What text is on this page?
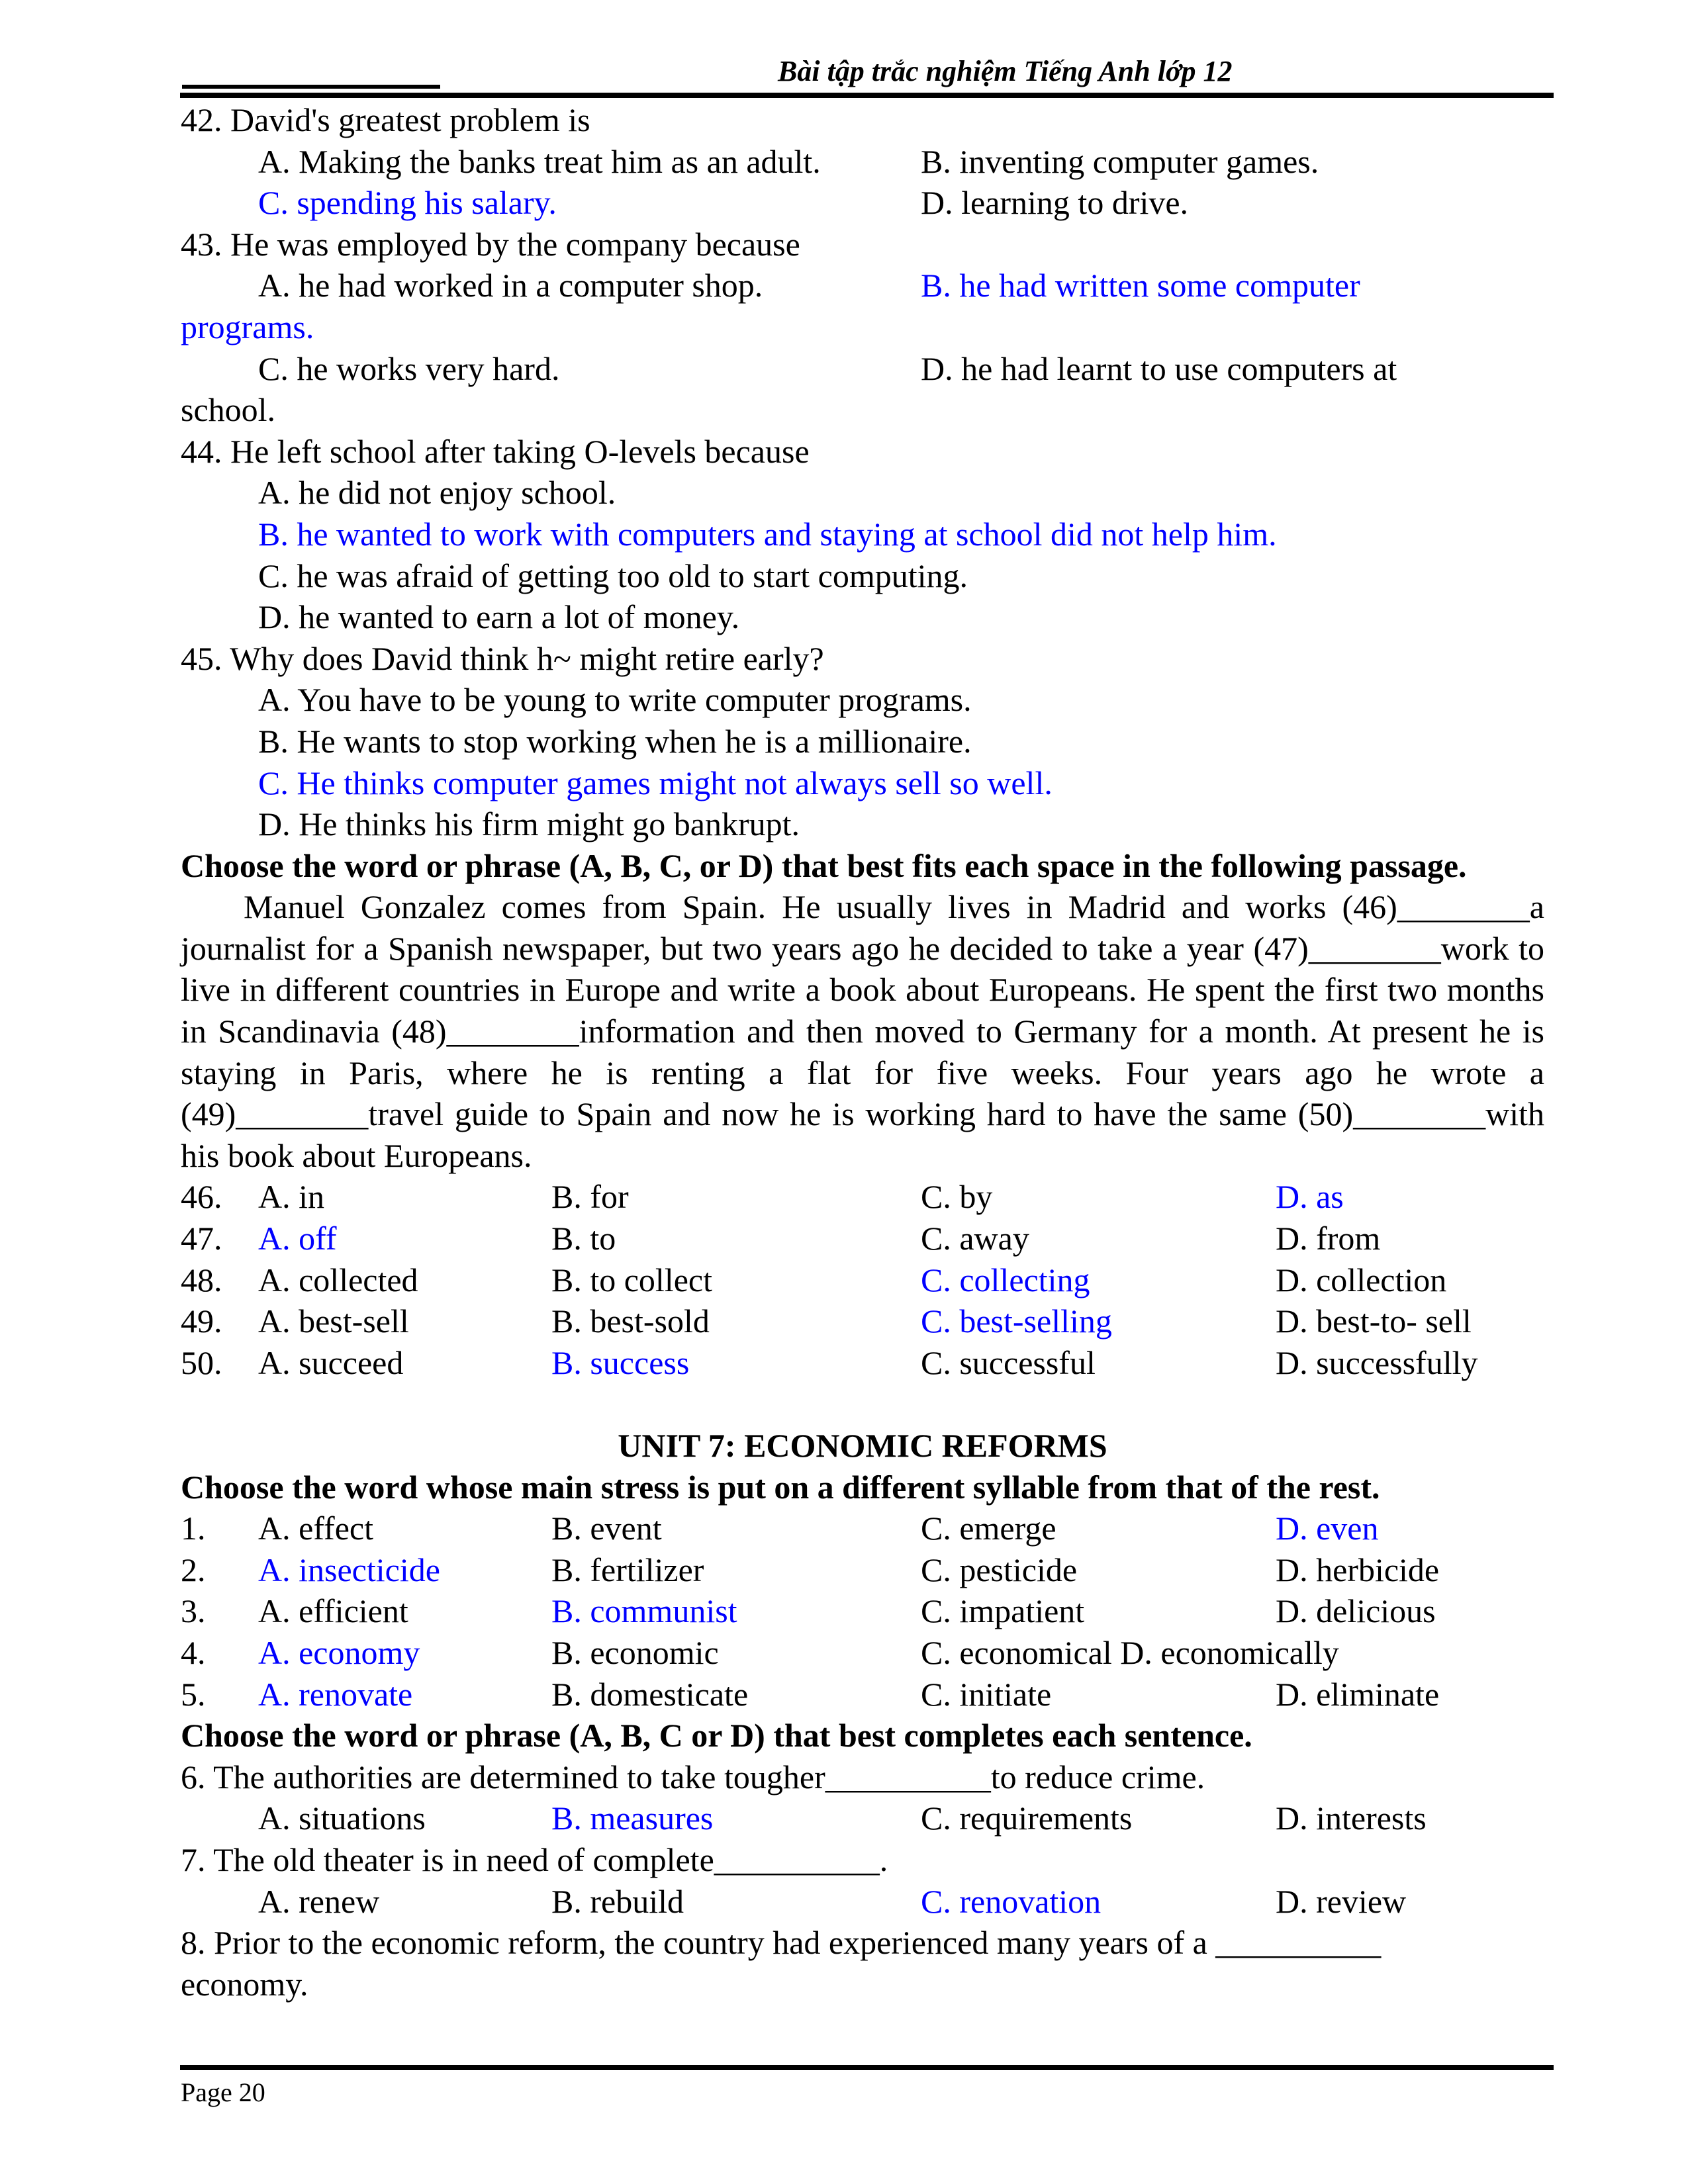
Bài tập trắc nghiệm Tiếng Anh lớp 12
42. David's greatest problem is
A. Making the banks treat him as an adult.	B. inventing computer games.
C. spending his salary.	D. learning to drive.
43. He was employed by the company because
A. he had worked in a computer shop.	B. he had written some computer
programs.
C. he works very hard.	D. he had learnt to use computers at
school.
44. He left school after taking O-levels because
A. he did not enjoy school.
B. he wanted to work with computers and staying at school did not help him.
C. he was afraid of getting too old to start computing.
D. he wanted to earn a lot of money.
45. Why does David think h~ might retire early?
A. You have to be young to write computer programs.
B. He wants to stop working when he is a millionaire.
C. He thinks computer games might not always sell so well.
D. He thinks his firm might go bankrupt.
Choose the word or phrase (A, B, C, or D) that best fits each space in the following passage.
Manuel Gonzalez comes from Spain. He usually lives in Madrid and works (46)________a journalist for a Spanish newspaper, but two years ago he decided to take a year (47)________work to live in different countries in Europe and write a book about Europeans. He spent the first two months in Scandinavia (48)________information and then moved to Germany for a month. At present he is staying in Paris, where he is renting a flat for five weeks. Four years ago he wrote a (49)________travel guide to Spain and now he is working hard to have the same (50)________with his book about Europeans.
46. A. in	B. for	C. by	D. as
47. A. off	B. to	C. away	D. from
48. A. collected	B. to collect	C. collecting	D. collection
49. A. best-sell	B. best-sold	C. best-selling	D. best-to- sell
50. A. succeed	B. success	C. successful	D. successfully
UNIT 7: ECONOMIC REFORMS
Choose the word whose main stress is put on a different syllable from that of the rest.
1. A. effect	B. event	C. emerge	D. even
2. A. insecticide	B. fertilizer	C. pesticide	D. herbicide
3. A. efficient	B. communist	C. impatient	D. delicious
4. A. economy	B. economic	C. economical D. economically
5. A. renovate	B. domesticate	C. initiate	D. eliminate
Choose the word or phrase (A, B, C or D) that best completes each sentence.
6. The authorities are determined to take tougher__________to reduce crime.
A. situations	B. measures	C. requirements	D. interests
7. The old theater is in need of complete__________.
A. renew	B. rebuild	C. renovation	D. review
8. Prior to the economic reform, the country had experienced many years of a __________
economy.
Page 20
